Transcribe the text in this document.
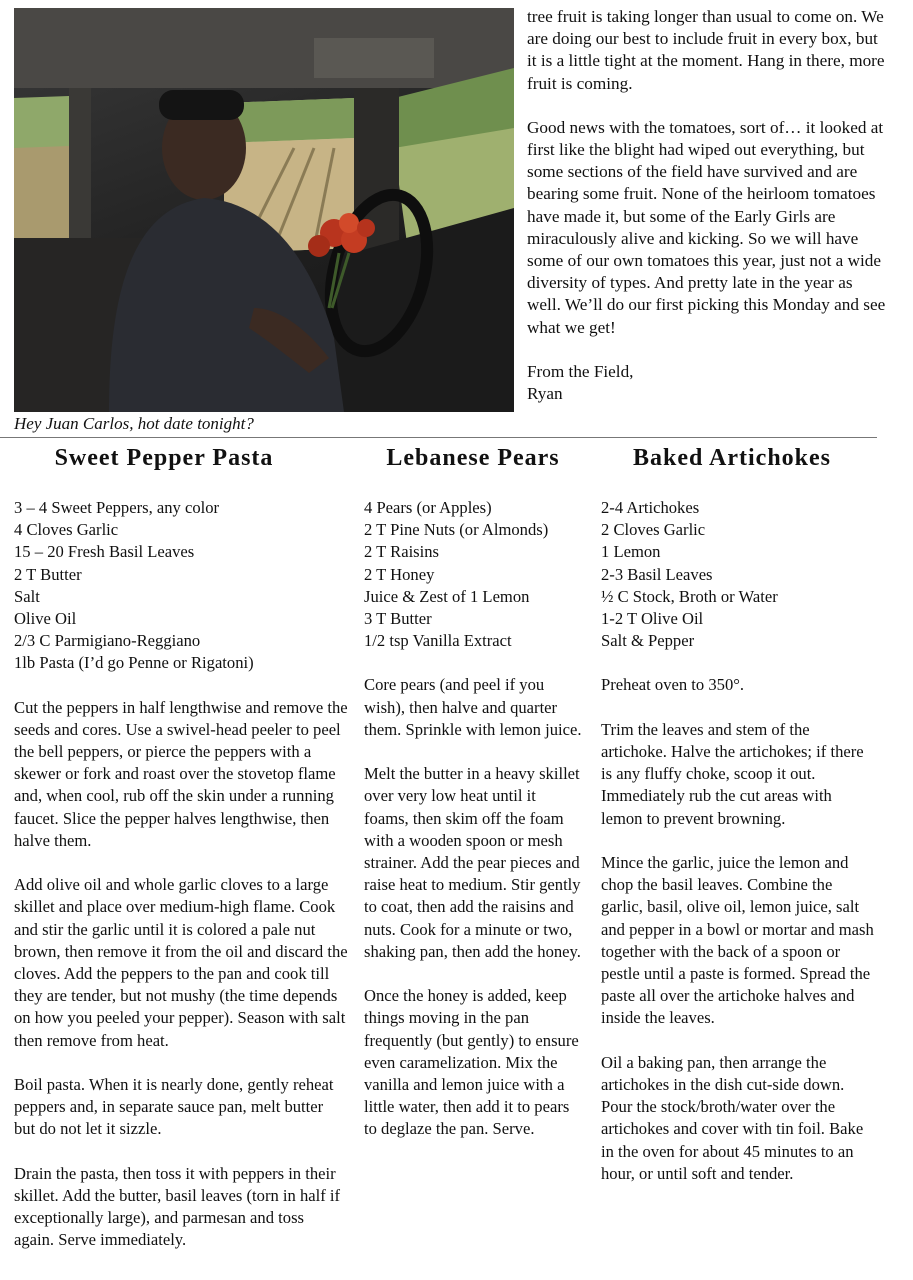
Hey Juan Carlos, hot date tonight?

tree fruit is taking longer than usual to come on. We are doing our best to include fruit in every box, but it is a little tight at the moment. Hang in there, more fruit is coming.

Good news with the tomatoes, sort of… it looked at first like the blight had wiped out everything, but some sections of the field have survived and are bearing some fruit. None of the heirloom tomatoes have made it, but some of the Early Girls are miraculously alive and kicking. So we will have some of our own tomatoes this year, just not a wide diversity of types. And pretty late in the year as well. We’ll do our first picking this Monday and see what we get!

From the Field,
Ryan

Sweet Pepper Pasta
3 – 4 Sweet Peppers, any color
4 Cloves Garlic
15 – 20 Fresh Basil Leaves
2 T Butter
Salt
Olive Oil
2/3 C Parmigiano-Reggiano
1lb Pasta (I’d go Penne or Rigatoni)

Cut the peppers in half lengthwise and remove the seeds and cores. Use a swivel-head peeler to peel the bell peppers, or pierce the peppers with a skewer or fork and roast over the stovetop flame and, when cool, rub off the skin under a running faucet. Slice the pepper halves lengthwise, then halve them.

Add olive oil and whole garlic cloves to a large skillet and place over medium-high flame. Cook and stir the garlic until it is colored a pale nut brown, then remove it from the oil and discard the cloves. Add the peppers to the pan and cook till they are tender, but not mushy (the time depends on how you peeled your pepper). Season with salt then remove from heat.

Boil pasta. When it is nearly done, gently reheat peppers and, in separate sauce pan, melt butter but do not let it sizzle.

Drain the pasta, then toss it with peppers in their skillet. Add the butter, basil leaves (torn in half if exceptionally large), and parmesan and toss again. Serve immediately.

Lebanese Pears
4 Pears (or Apples)
2 T Pine Nuts (or Almonds)
2 T Raisins
2 T Honey
Juice & Zest of 1 Lemon
3 T Butter
1/2 tsp Vanilla Extract

Core pears (and peel if you wish), then halve and quarter them. Sprinkle with lemon juice.

Melt the butter in a heavy skillet over very low heat until it foams, then skim off the foam with a wooden spoon or mesh strainer. Add the pear pieces and raise heat to medium. Stir gently to coat, then add the raisins and nuts. Cook for a minute or two, shaking pan, then add the honey.

Once the honey is added, keep things moving in the pan frequently (but gently) to ensure even caramelization. Mix the vanilla and lemon juice with a little water, then add it to pears to deglaze the pan. Serve.

Baked Artichokes
2-4 Artichokes
2 Cloves Garlic
1 Lemon
2-3 Basil Leaves
½ C Stock, Broth or Water
1-2 T Olive Oil
Salt & Pepper

Preheat oven to 350°.

Trim the leaves and stem of the artichoke. Halve the artichokes; if there is any fluffy choke, scoop it out. Immediately rub the cut areas with lemon to prevent browning.

Mince the garlic, juice the lemon and chop the basil leaves. Combine the garlic, basil, olive oil, lemon juice, salt and pepper in a bowl or mortar and mash together with the back of a spoon or pestle until a paste is formed. Spread the paste all over the artichoke halves and inside the leaves.

Oil a baking pan, then arrange the artichokes in the dish cut-side down. Pour the stock/broth/water over the artichokes and cover with tin foil. Bake in the oven for about 45 minutes to an hour, or until soft and tender.
